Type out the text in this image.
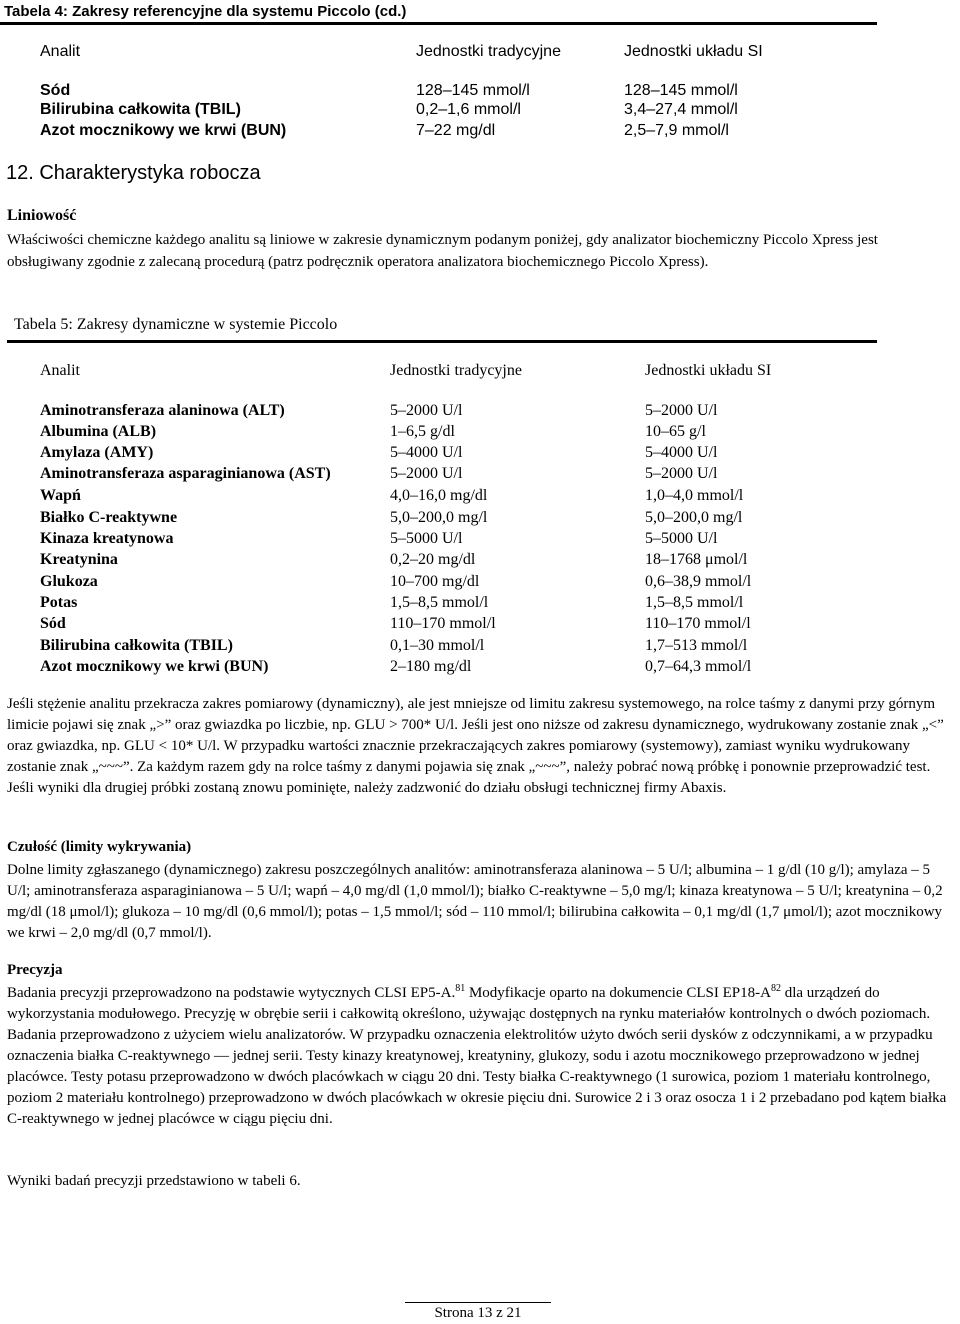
Tabela 4: Zakresy referencyjne dla systemu Piccolo (cd.)
Analit	Jednostki tradycyjne	Jednostki układu SI
Sód	128–145 mmol/l	128–145 mmol/l
Bilirubina całkowita (TBIL)	0,2–1,6 mmol/l	3,4–27,4 mmol/l
Azot mocznikowy we krwi (BUN)	7–22 mg/dl	2,5–7,9 mmol/l
12. Charakterystyka robocza
Liniowość
Właściwości chemiczne każdego analitu są liniowe w zakresie dynamicznym podanym poniżej, gdy analizator biochemiczny Piccolo Xpress jest obsługiwany zgodnie z zalecaną procedurą (patrz podręcznik operatora analizatora biochemicznego Piccolo Xpress).
Tabela 5: Zakresy dynamiczne w systemie Piccolo
Analit	Jednostki tradycyjne	Jednostki układu SI
Aminotransferaza alaninowa (ALT)	5–2000 U/l	5–2000 U/l
Albumina (ALB)	1–6,5 g/dl	10–65 g/l
Amylaza (AMY)	5–4000 U/l	5–4000 U/l
Aminotransferaza asparaginianowa (AST)	5–2000 U/l	5–2000 U/l
Wapń	4,0–16,0 mg/dl	1,0–4,0 mmol/l
Białko C-reaktywne	5,0–200,0 mg/l	5,0–200,0 mg/l
Kinaza kreatynowa	5–5000 U/l	5–5000 U/l
Kreatynina	0,2–20 mg/dl	18–1768 μmol/l
Glukoza	10–700 mg/dl	0,6–38,9 mmol/l
Potas	1,5–8,5 mmol/l	1,5–8,5 mmol/l
Sód	110–170 mmol/l	110–170 mmol/l
Bilirubina całkowita (TBIL)	0,1–30 mmol/l	1,7–513 mmol/l
Azot mocznikowy we krwi (BUN)	2–180 mg/dl	0,7–64,3 mmol/l
Jeśli stężenie analitu przekracza zakres pomiarowy (dynamiczny), ale jest mniejsze od limitu zakresu systemowego, na rolce taśmy z danymi przy górnym limicie pojawi się znak „>” oraz gwiazdka po liczbie, np. GLU > 700* U/l. Jeśli jest ono niższe od zakresu dynamicznego, wydrukowany zostanie znak „<” oraz gwiazdka, np. GLU < 10* U/l. W przypadku wartości znacznie przekraczających zakres pomiarowy (systemowy), zamiast wyniku wydrukowany zostanie znak „~~~”. Za każdym razem gdy na rolce taśmy z danymi pojawia się znak „~~~”, należy pobrać nową próbkę i ponownie przeprowadzić test. Jeśli wyniki dla drugiej próbki zostaną znowu pominięte, należy zadzwonić do działu obsługi technicznej firmy Abaxis.
Czułość (limity wykrywania)
Dolne limity zgłaszanego (dynamicznego) zakresu poszczególnych analitów: aminotransferaza alaninowa – 5 U/l; albumina – 1 g/dl (10 g/l); amylaza – 5 U/l; aminotransferaza asparaginianowa – 5 U/l; wapń – 4,0 mg/dl (1,0 mmol/l); białko C-reaktywne – 5,0 mg/l; kinaza kreatynowa – 5 U/l; kreatynina – 0,2 mg/dl (18 μmol/l); glukoza – 10 mg/dl (0,6 mmol/l); potas – 1,5 mmol/l; sód – 110 mmol/l; bilirubina całkowita – 0,1 mg/dl (1,7 μmol/l); azot mocznikowy we krwi – 2,0 mg/dl (0,7 mmol/l).
Precyzja
Badania precyzji przeprowadzono na podstawie wytycznych CLSI EP5-A.$^{81}$ Modyfikacje oparto na dokumencie CLSI $EP18-A^{82}$ dla urządzeń do wykorzystania modułowego. Precyzję w obrębie serii i całkowitą określono, używając dostępnych na rynku materiałów kontrolnych o dwóch poziomach. Badania przeprowadzono z użyciem wielu analizatorów. W przypadku oznaczenia elektrolitów użyto dwóch serii dysków z odczynnikami, a w przypadku oznaczenia białka C-reaktywnego — jednej serii. Testy kinazy kreatynowej, kreatyniny, glukozy, sodu i azotu mocznikowego przeprowadzono w jednej placówce. Testy potasu przeprowadzono w dwóch placówkach w ciągu 20 dni. Testy białka C-reaktywnego (1 surowica, poziom 1 materiału kontrolnego, poziom 2 materiału kontrolnego) przeprowadzono w dwóch placówkach w okresie pięciu dni. Surowice 2 i 3 oraz osocza 1 i 2 przebadano pod kątem białka C-reaktywnego w jednej placówce w ciągu pięciu dni.
Wyniki badań precyzji przedstawiono w tabeli 6.
Strona 13 z 21
